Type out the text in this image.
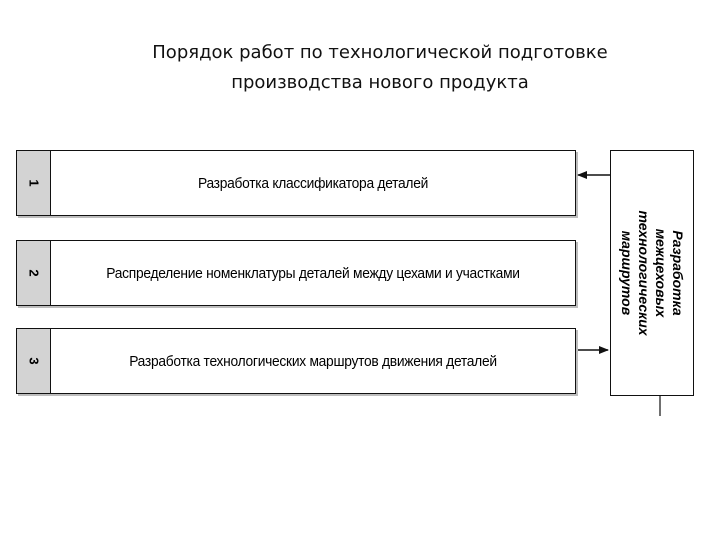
Порядок работ по технологической подготовке
производства нового продукта
1	Разработка классификатора деталей
2	Распределение номенклатуры деталей между цехами и участками
3	Разработка технологических маршрутов движения деталей
Разработка
межцеховых
технологических
маршрутов
